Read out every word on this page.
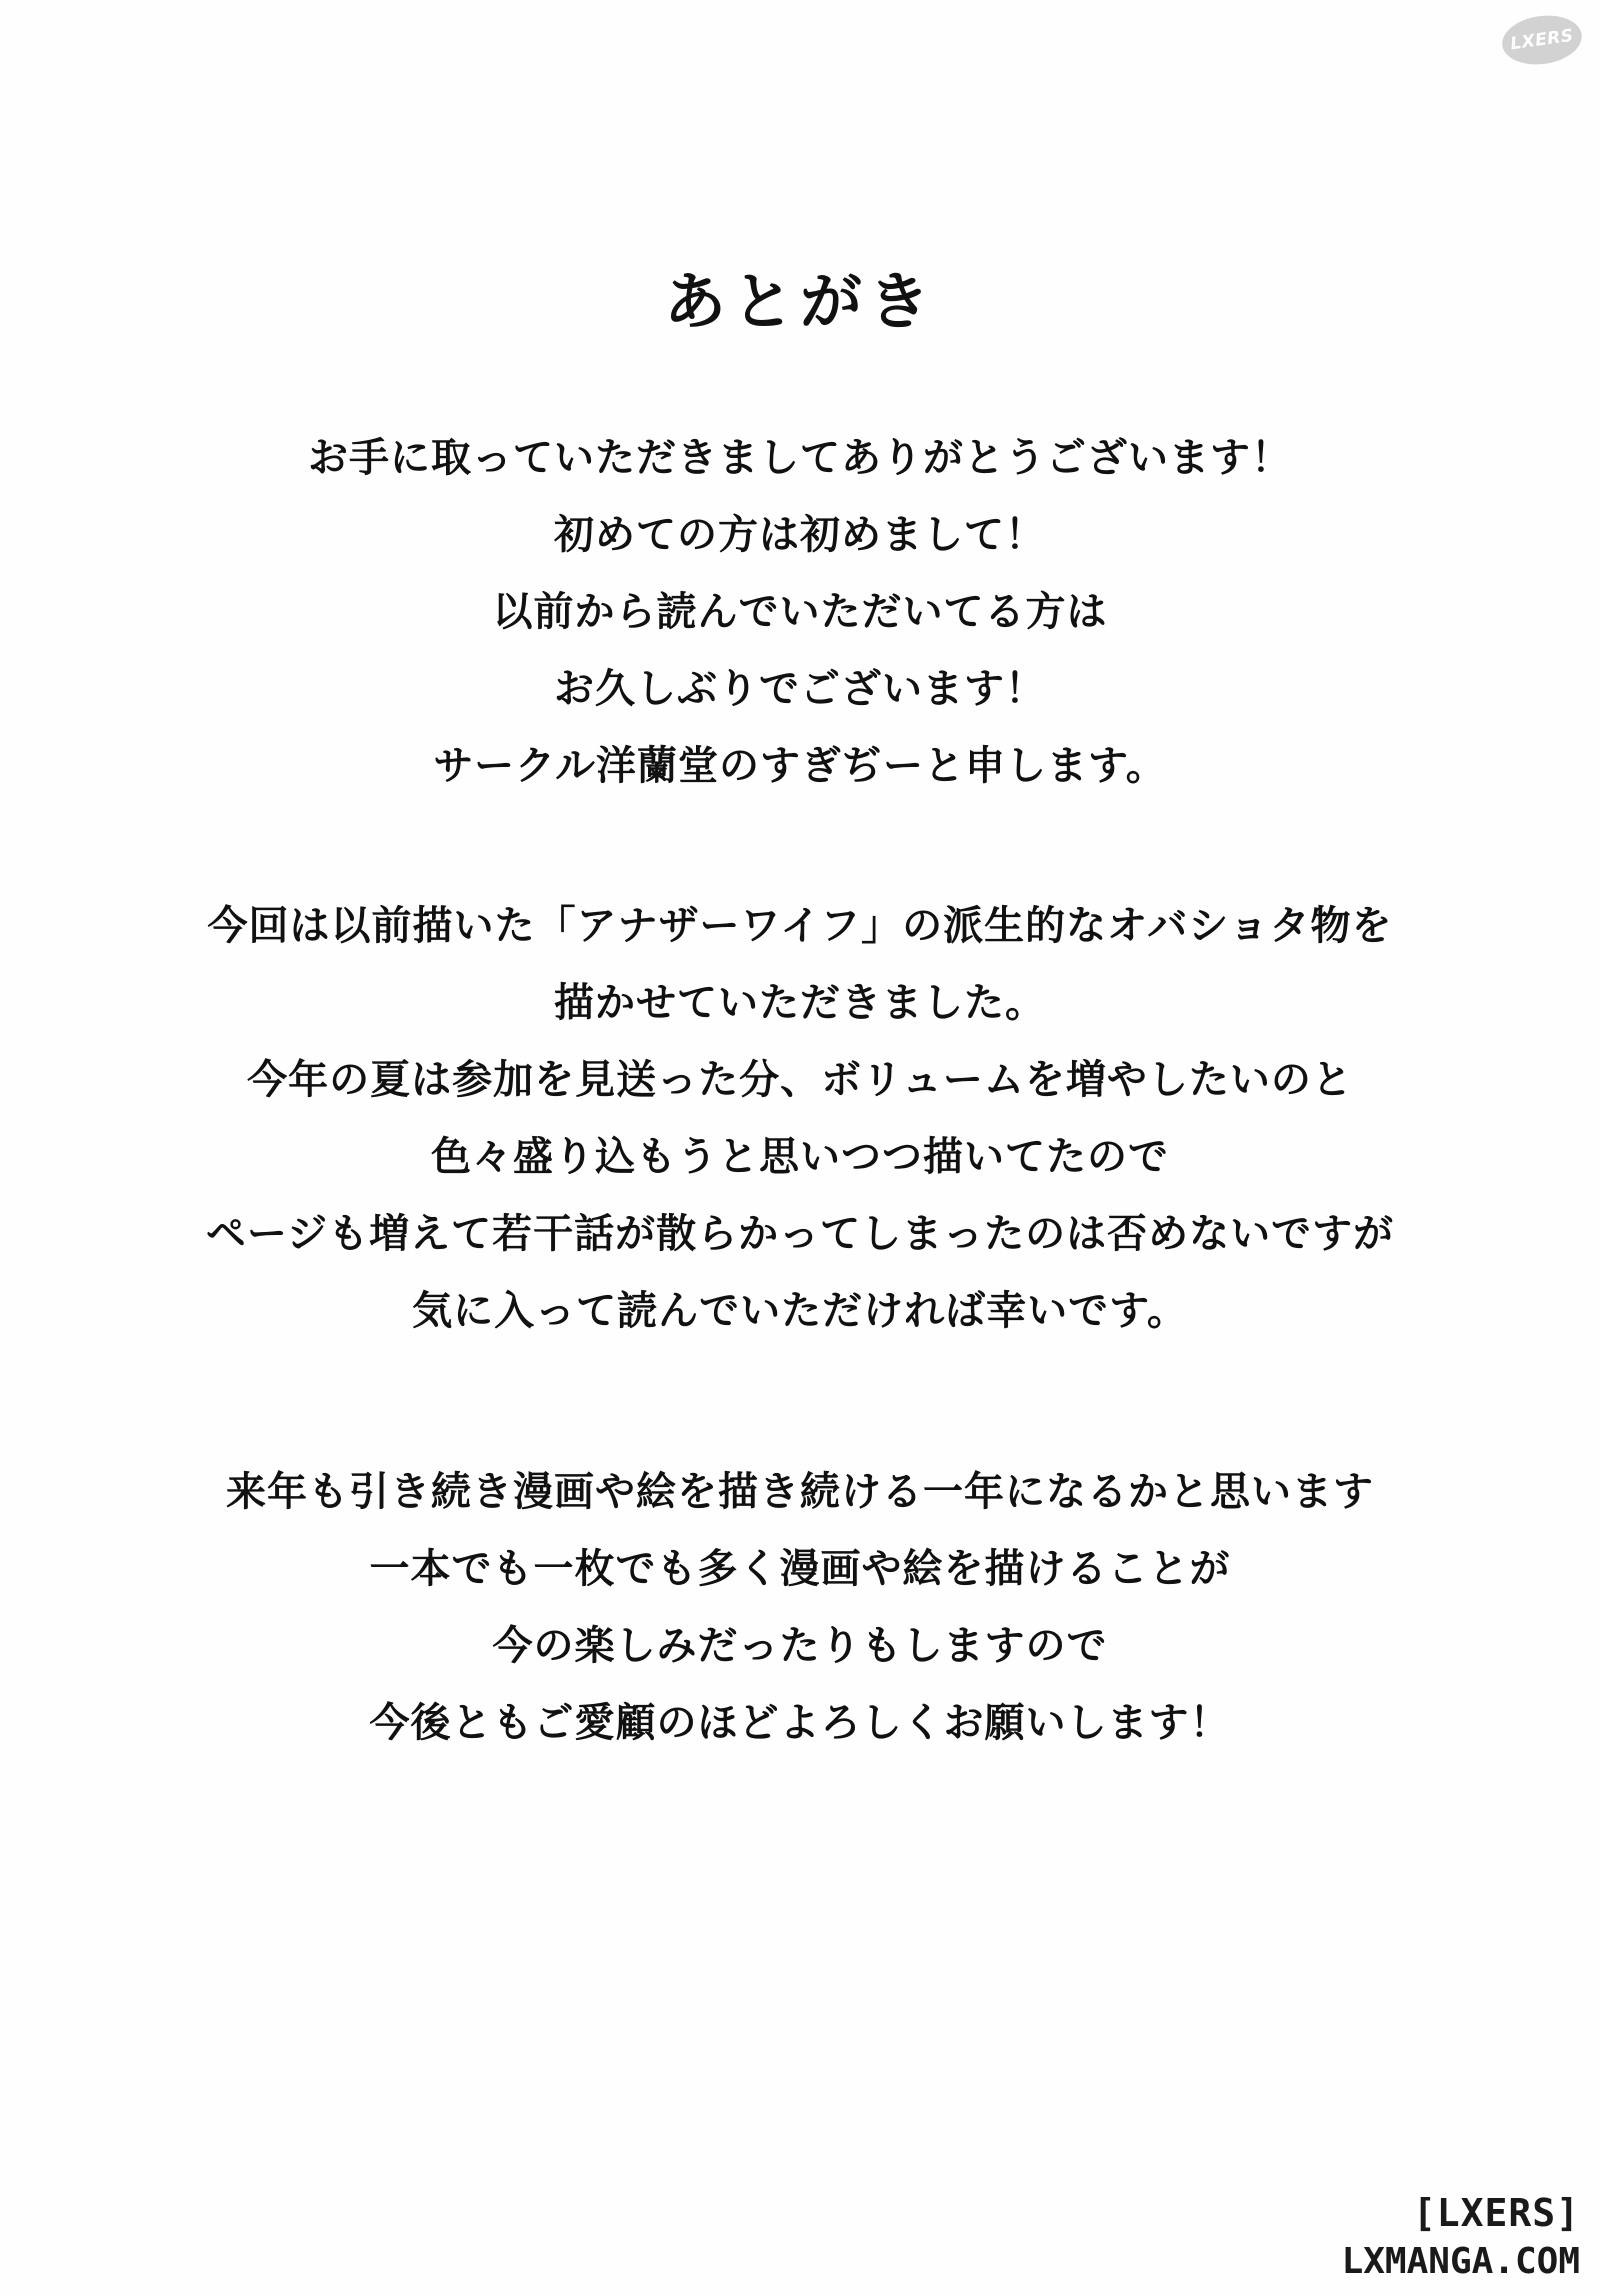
LXERS
あとがき
お手に取っていただきましてありがとうございます！
初めての方は初めまして！
以前から読んでいただいてる方は
お久しぶりでございます！
サークル洋蘭堂のすぎぢーと申します。
今回は以前描いた「アナザーワイフ」の派生的なオバショタ物を
描かせていただきました。
今年の夏は参加を見送った分、ボリュームを増やしたいのと
色々盛り込もうと思いつつ描いてたので
ページも増えて若干話が散らかってしまったのは否めないですが
気に入って読んでいただければ幸いです。
来年も引き続き漫画や絵を描き続ける一年になるかと思います
一本でも一枚でも多く漫画や絵を描けることが
今の楽しみだったりもしますので
今後ともご愛顧のほどよろしくお願いします！
[LXERS]
LXMANGA.COM
